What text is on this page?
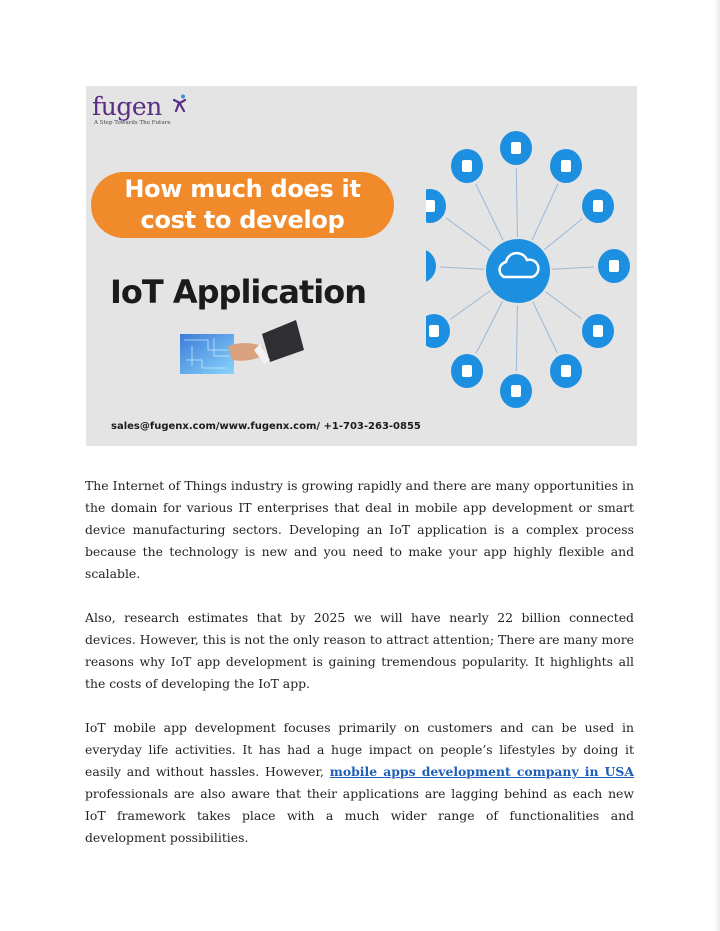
fugen
A Step Towards The Future
How much does it
cost to develop
IoT Application
sales@fugenx.com/www.fugenx.com/ +1-703-263-0855

The Internet of Things industry is growing rapidly and there are many opportunities in the domain for various IT enterprises that deal in mobile app development or smart device manufacturing sectors. Developing an IoT application is a complex process because the technology is new and you need to make your app highly flexible and scalable.

Also, research estimates that by 2025 we will have nearly 22 billion connected devices. However, this is not the only reason to attract attention; There are many more reasons why IoT app development is gaining tremendous popularity. It highlights all the costs of developing the IoT app.

IoT mobile app development focuses primarily on customers and can be used in everyday life activities. It has had a huge impact on people’s lifestyles by doing it easily and without hassles. However, mobile apps development company in USA professionals are also aware that their applications are lagging behind as each new IoT framework takes place with a much wider range of functionalities and development possibilities.
